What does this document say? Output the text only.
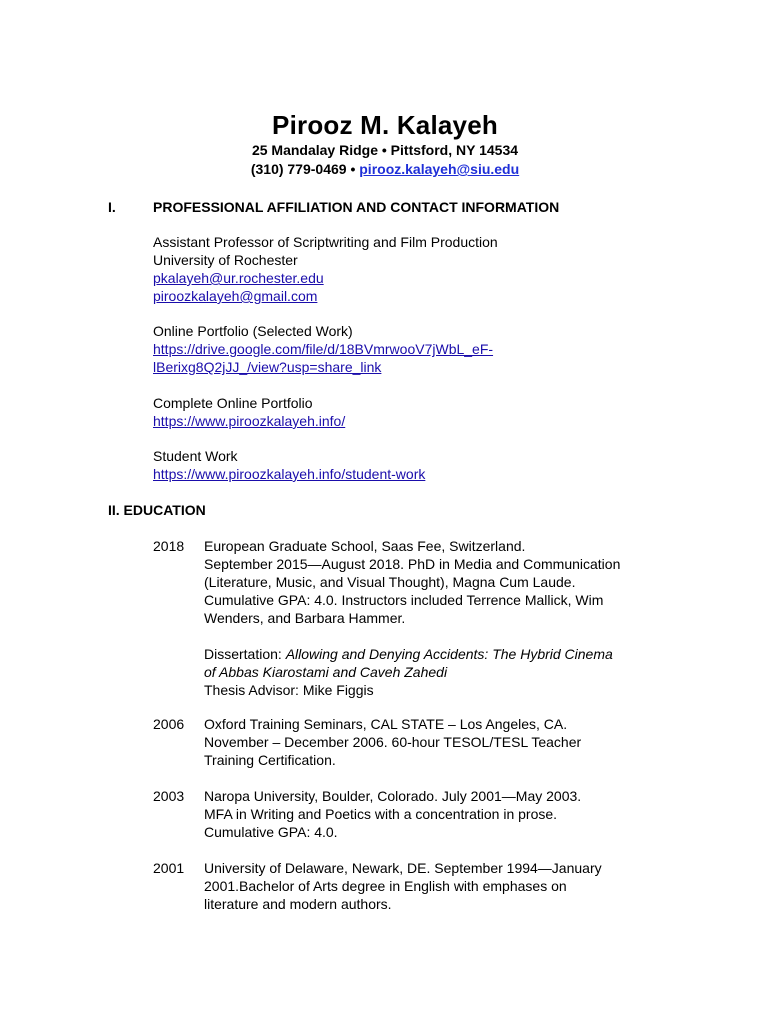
Pirooz M. Kalayeh
25 Mandalay Ridge • Pittsford, NY 14534
(310) 779-0469 • pirooz.kalayeh@siu.edu
I.	PROFESSIONAL AFFILIATION AND CONTACT INFORMATION
Assistant Professor of Scriptwriting and Film Production
University of Rochester
pkalayeh@ur.rochester.edu
piroozkalayeh@gmail.com
Online Portfolio (Selected Work)
https://drive.google.com/file/d/18BVmrwooV7jWbL_eF-
lBerixg8Q2jJJ_/view?usp=share_link
Complete Online Portfolio
https://www.piroozkalayeh.info/
Student Work
https://www.piroozkalayeh.info/student-work
II. EDUCATION
2018 European Graduate School, Saas Fee, Switzerland.
September 2015—August 2018. PhD in Media and Communication
(Literature, Music, and Visual Thought), Magna Cum Laude.
Cumulative GPA: 4.0. Instructors included Terrence Mallick, Wim
Wenders, and Barbara Hammer.
Dissertation: Allowing and Denying Accidents: The Hybrid Cinema
of Abbas Kiarostami and Caveh Zahedi
Thesis Advisor: Mike Figgis
2006 Oxford Training Seminars, CAL STATE – Los Angeles, CA.
November – December 2006. 60-hour TESOL/TESL Teacher
Training Certification.
2003 Naropa University, Boulder, Colorado. July 2001—May 2003.
MFA in Writing and Poetics with a concentration in prose.
Cumulative GPA: 4.0.
2001 University of Delaware, Newark, DE. September 1994—January
2001.Bachelor of Arts degree in English with emphases on
literature and modern authors.
